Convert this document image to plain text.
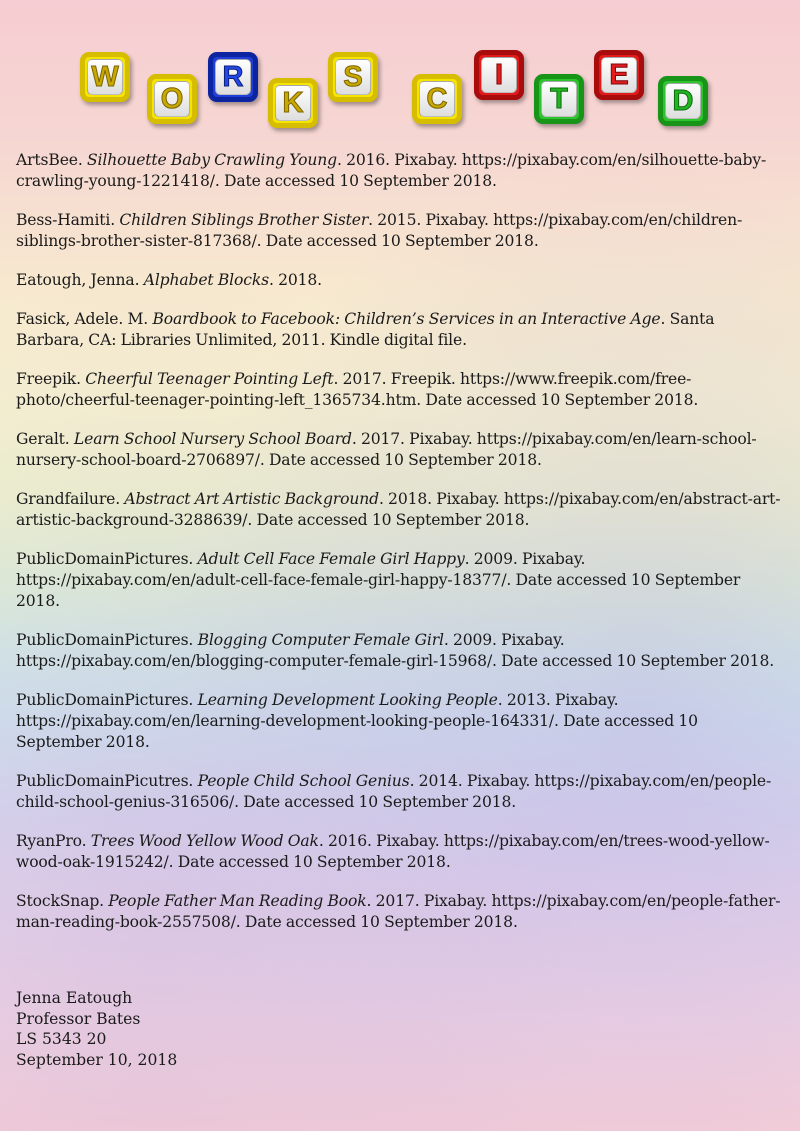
W
O
R
K
S
C
I
T
E
D

ArtsBee. Silhouette Baby Crawling Young. 2016. Pixabay. https://pixabay.com/en/silhouette-baby-crawling-young-1221418/. Date accessed 10 September 2018.

Bess-Hamiti. Children Siblings Brother Sister. 2015. Pixabay. https://pixabay.com/en/children-siblings-brother-sister-817368/. Date accessed 10 September 2018.

Eatough, Jenna. Alphabet Blocks. 2018.

Fasick, Adele. M. Boardbook to Facebook: Children’s Services in an Interactive Age. Santa Barbara, CA: Libraries Unlimited, 2011. Kindle digital file.

Freepik. Cheerful Teenager Pointing Left. 2017. Freepik. https://www.freepik.com/free-photo/cheerful-teenager-pointing-left_1365734.htm. Date accessed 10 September 2018.

Geralt. Learn School Nursery School Board. 2017. Pixabay. https://pixabay.com/en/learn-school-nursery-school-board-2706897/. Date accessed 10 September 2018.

Grandfailure. Abstract Art Artistic Background. 2018. Pixabay. https://pixabay.com/en/abstract-art-artistic-background-3288639/. Date accessed 10 September 2018.

PublicDomainPictures. Adult Cell Face Female Girl Happy. 2009. Pixabay. https://pixabay.com/en/adult-cell-face-female-girl-happy-18377/. Date accessed 10 September 2018.

PublicDomainPictures. Blogging Computer Female Girl. 2009. Pixabay. https://pixabay.com/en/blogging-computer-female-girl-15968/. Date accessed 10 September 2018.

PublicDomainPictures. Learning Development Looking People. 2013. Pixabay. https://pixabay.com/en/learning-development-looking-people-164331/. Date accessed 10 September 2018.

PublicDomainPicutres. People Child School Genius. 2014. Pixabay. https://pixabay.com/en/people-child-school-genius-316506/. Date accessed 10 September 2018.

RyanPro. Trees Wood Yellow Wood Oak. 2016. Pixabay. https://pixabay.com/en/trees-wood-yellow-wood-oak-1915242/. Date accessed 10 September 2018.

StockSnap. People Father Man Reading Book. 2017. Pixabay. https://pixabay.com/en/people-father-man-reading-book-2557508/. Date accessed 10 September 2018.

Jenna Eatough
Professor Bates
LS 5343 20
September 10, 2018
